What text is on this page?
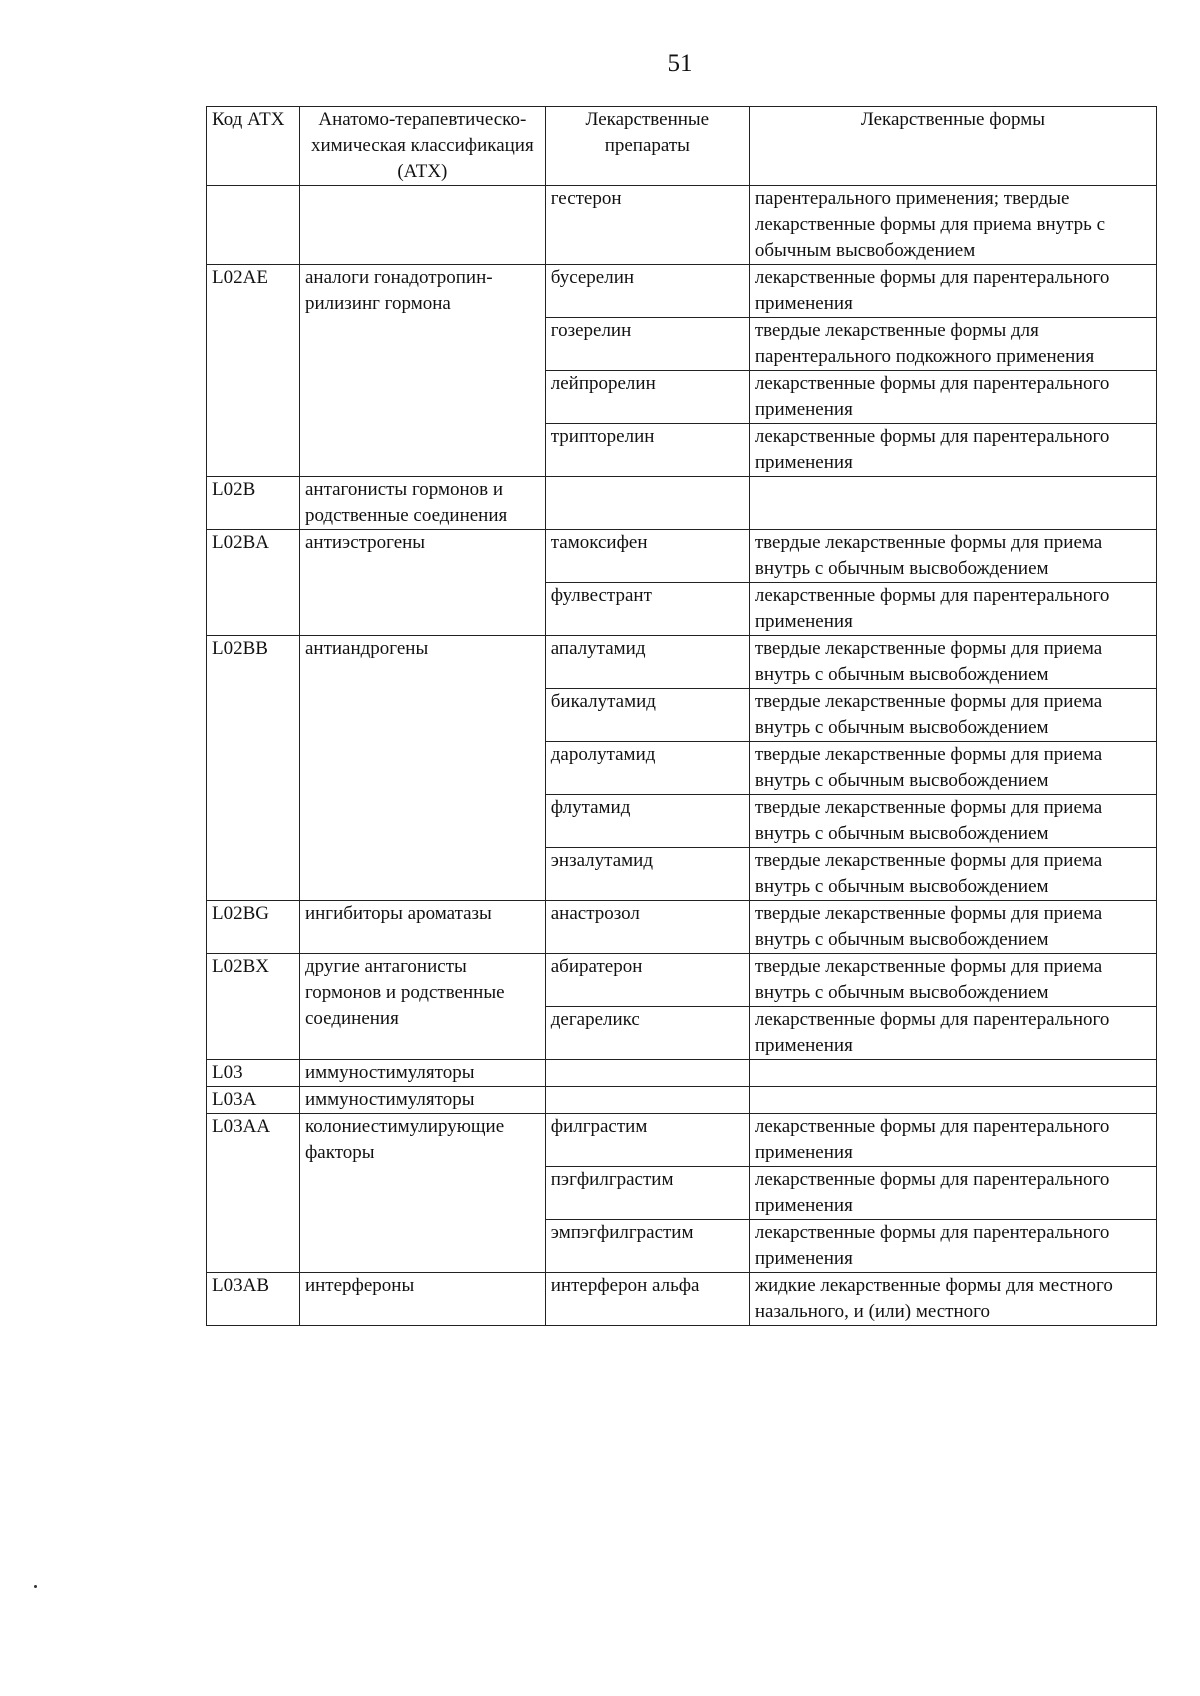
51
Код АТХ	Анатомо-терапевтическо-химическая классификация (АТХ)	Лекарственные препараты	Лекарственные формы
		гестерон	парентерального применения; твердые лекарственные формы для приема внутрь с обычным высвобождением
L02AE	аналоги гонадотропин-рилизинг гормона	бусерелин	лекарственные формы для парентерального применения
		гозерелин	твердые лекарственные формы для парентерального подкожного применения
		лейпрорелин	лекарственные формы для парентерального применения
		трипторелин	лекарственные формы для парентерального применения
L02B	антагонисты гормонов и родственные соединения		
L02BA	антиэстрогены	тамоксифен	твердые лекарственные формы для приема внутрь с обычным высвобождением
		фулвестрант	лекарственные формы для парентерального применения
L02BB	антиандрогены	апалутамид	твердые лекарственные формы для приема внутрь с обычным высвобождением
		бикалутамид	твердые лекарственные формы для приема внутрь с обычным высвобождением
		даролутамид	твердые лекарственные формы для приема внутрь с обычным высвобождением
		флутамид	твердые лекарственные формы для приема внутрь с обычным высвобождением
		энзалутамид	твердые лекарственные формы для приема внутрь с обычным высвобождением
L02BG	ингибиторы ароматазы	анастрозол	твердые лекарственные формы для приема внутрь с обычным высвобождением
L02BX	другие антагонисты гормонов и родственные соединения	абиратерон	твердые лекарственные формы для приема внутрь с обычным высвобождением
		дегареликс	лекарственные формы для парентерального применения
L03	иммуностимуляторы		
L03A	иммуностимуляторы		
L03AA	колониестимулирующие факторы	филграстим	лекарственные формы для парентерального применения
		пэгфилграстим	лекарственные формы для парентерального применения
		эмпэгфилграстим	лекарственные формы для парентерального применения
L03AB	интерфероны	интерферон альфа	жидкие лекарственные формы для местного назального, и (или) местного
